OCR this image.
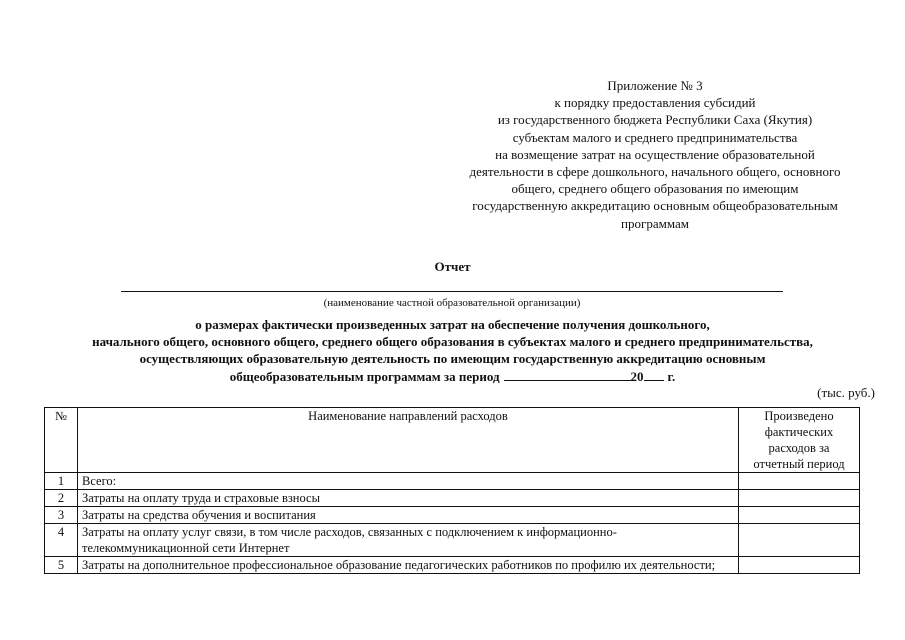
Приложение № 3
к порядку предоставления субсидий
из государственного бюджета Республики Саха (Якутия)
субъектам малого и среднего предпринимательства
на возмещение затрат на осуществление образовательной
деятельности в сфере дошкольного, начального общего, основного
общего, среднего общего образования по имеющим
государственную аккредитацию основным общеобразовательным
программам
Отчет
(наименование частной образовательной организации)
о размерах фактически произведенных затрат на обеспечение получения дошкольного,
начального общего, основного общего, среднего общего образования в субъектах малого и среднего предпринимательства,
осуществляющих образовательную деятельность по имеющим государственную аккредитацию основным
общеобразовательным программам за период	20 г.
(тыс. руб.)
№	Наименование направлений расходов	Произведено
фактических
расходов за
отчетный период

1	Всего:	
2	Затраты на оплату труда и страховые взносы	
3	Затраты на средства обучения и воспитания	
4	Затраты на оплату услуг связи, в том числе расходов, связанных с подключением к информационно-телекоммуникационной сети Интернет	
5	Затраты на дополнительное профессиональное образование педагогических работников по профилю их деятельности;	
